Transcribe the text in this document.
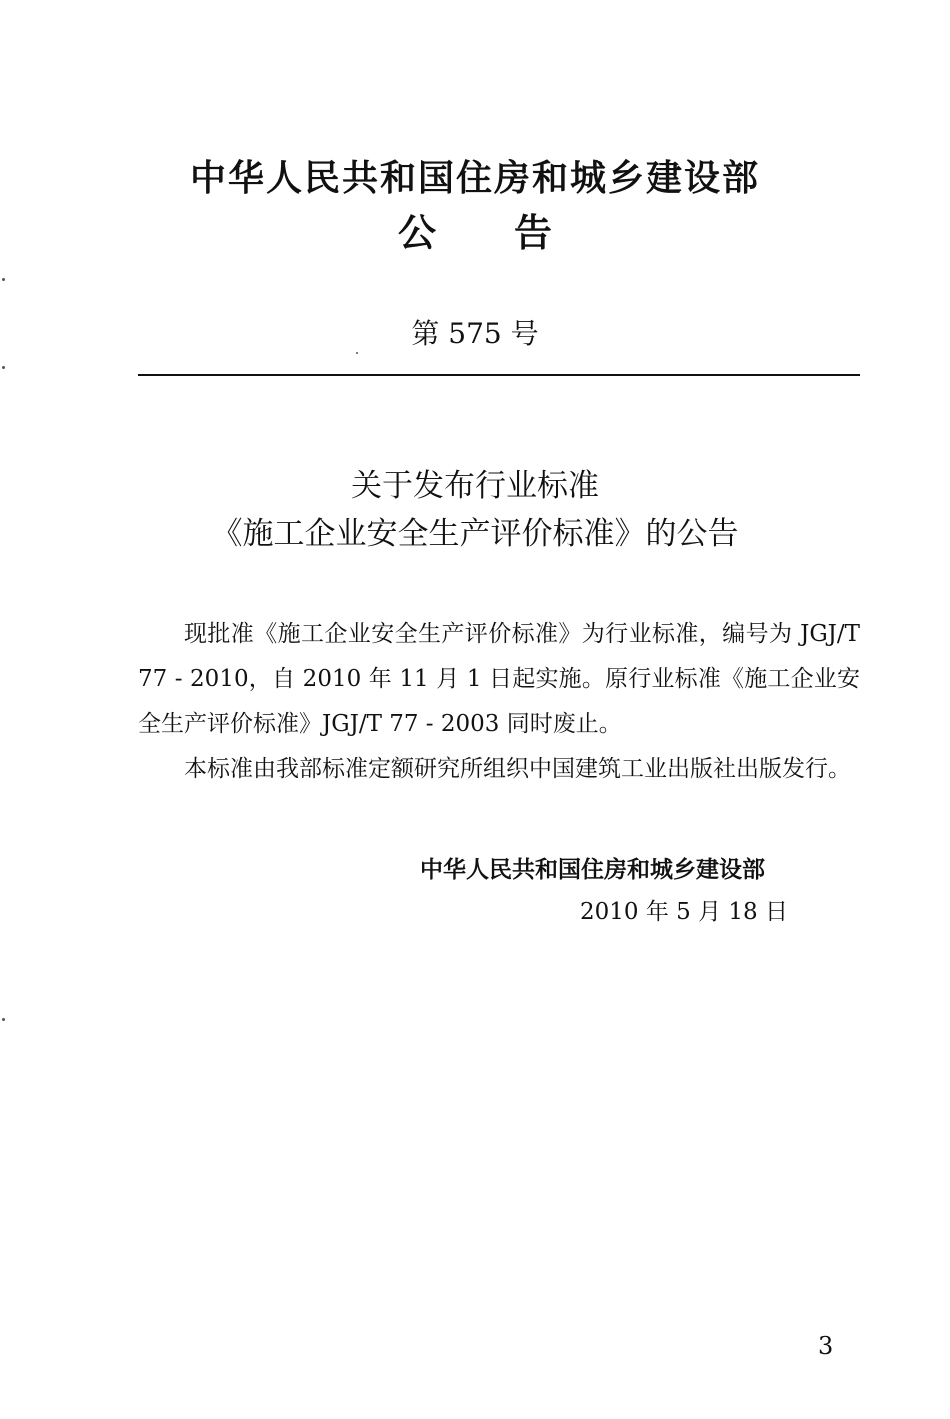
中华人民共和国住房和城乡建设部
公告
第 575 号
关于发布行业标准
《施工企业安全生产评价标准》的公告

现批准《施工企业安全生产评价标准》为行业标准，编号为 JGJ/T 77 - 2010，自 2010 年 11 月 1 日起实施。原行业标准《施工企业安全生产评价标准》JGJ/T 77 - 2003 同时废止。

本标准由我部标准定额研究所组织中国建筑工业出版社出版发行。

中华人民共和国住房和城乡建设部
2010 年 5 月 18 日
3
